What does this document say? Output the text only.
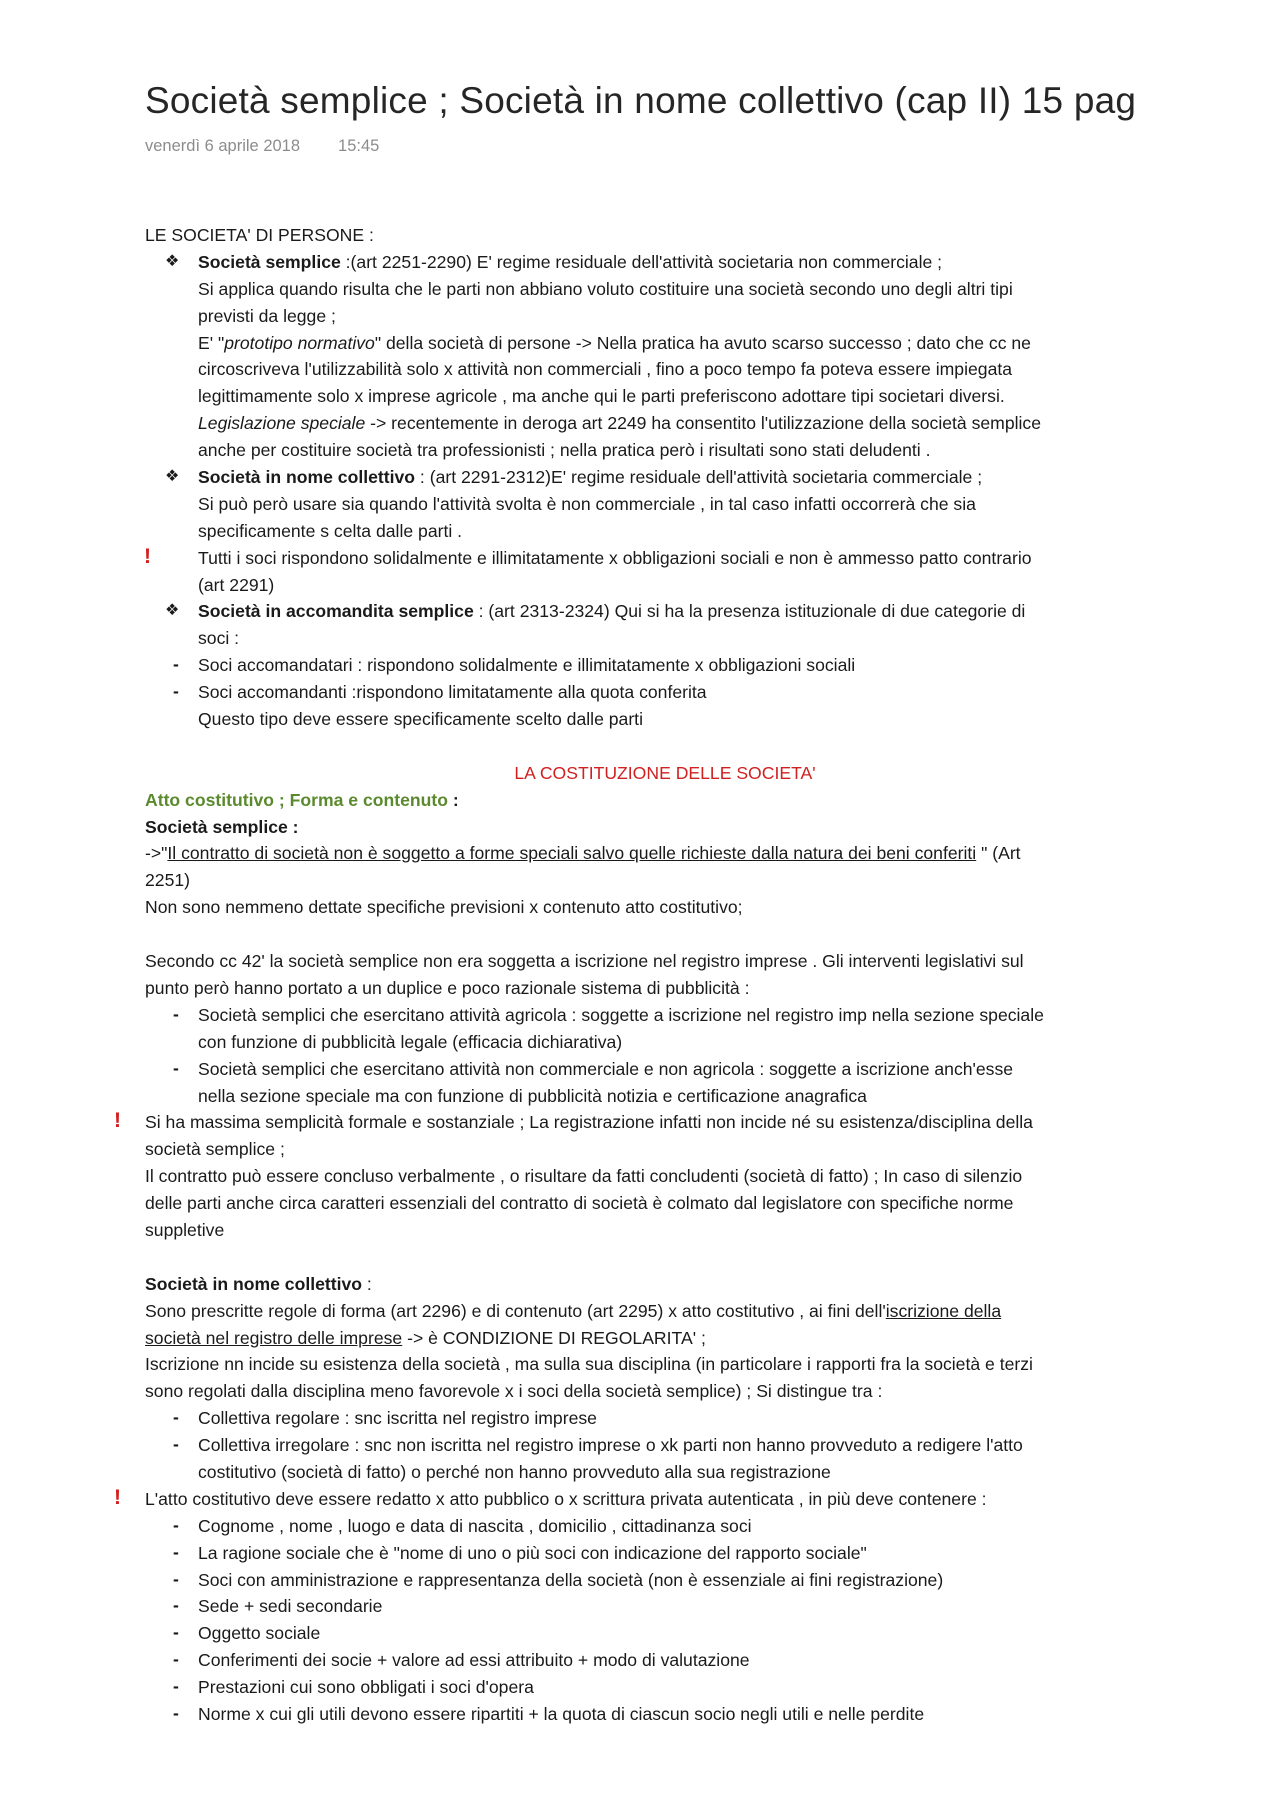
Società semplice ; Società in nome collettivo (cap II) 15 pag
venerdì 6 aprile 2018 15:45
LE SOCIETA' DI PERSONE :
❖ Società semplice :(art 2251-2290) E' regime residuale dell'attività societaria non commerciale ;
Si applica quando risulta che le parti non abbiano voluto costituire una società secondo uno degli altri tipi
previsti da legge ;
E' "prototipo normativo" della società di persone -> Nella pratica ha avuto scarso successo ; dato che cc ne
circoscriveva l'utilizzabilità solo x attività non commerciali , fino a poco tempo fa poteva essere impiegata
legittimamente solo x imprese agricole , ma anche qui le parti preferiscono adottare tipi societari diversi.
Legislazione speciale -> recentemente in deroga art 2249 ha consentito l'utilizzazione della società semplice
anche per costituire società tra professionisti ; nella pratica però i risultati sono stati deludenti .
❖ Società in nome collettivo : (art 2291-2312)E' regime residuale dell'attività societaria commerciale ;
Si può però usare sia quando l'attività svolta è non commerciale , in tal caso infatti occorrerà che sia
specificamente s celta dalle parti .
!	Tutti i soci rispondono solidalmente e illimitatamente x obbligazioni sociali e non è ammesso patto contrario
(art 2291)
❖ Società in accomandita semplice : (art 2313-2324) Qui si ha la presenza istituzionale di due categorie di
soci :
- Soci accomandatari : rispondono solidalmente e illimitatamente x obbligazioni sociali
- Soci accomandanti :rispondono limitatamente alla quota conferita
Questo tipo deve essere specificamente scelto dalle parti
LA COSTITUZIONE DELLE SOCIETA'
Atto costitutivo ; Forma e contenuto :
Società semplice :
->"Il contratto di società non è soggetto a forme speciali salvo quelle richieste dalla natura dei beni conferiti " (Art
2251)
Non sono nemmeno dettate specifiche previsioni x contenuto atto costitutivo;
Secondo cc 42' la società semplice non era soggetta a iscrizione nel registro imprese . Gli interventi legislativi sul
punto però hanno portato a un duplice e poco razionale sistema di pubblicità :
- Società semplici che esercitano attività agricola : soggette a iscrizione nel registro imp nella sezione speciale
con funzione di pubblicità legale (efficacia dichiarativa)
- Società semplici che esercitano attività non commerciale e non agricola : soggette a iscrizione anch'esse
nella sezione speciale ma con funzione di pubblicità notizia e certificazione anagrafica
! Si ha massima semplicità formale e sostanziale ; La registrazione infatti non incide né su esistenza/disciplina della
società semplice ;
Il contratto può essere concluso verbalmente , o risultare da fatti concludenti (società di fatto) ; In caso di silenzio
delle parti anche circa caratteri essenziali del contratto di società è colmato dal legislatore con specifiche norme
suppletive
Società in nome collettivo :
Sono prescritte regole di forma (art 2296) e di contenuto (art 2295) x atto costitutivo , ai fini dell'iscrizione della
società nel registro delle imprese -> è CONDIZIONE DI REGOLARITA' ;
Iscrizione nn incide su esistenza della società , ma sulla sua disciplina (in particolare i rapporti fra la società e terzi
sono regolati dalla disciplina meno favorevole x i soci della società semplice) ; Si distingue tra :
- Collettiva regolare : snc iscritta nel registro imprese
- Collettiva irregolare : snc non iscritta nel registro imprese o xk parti non hanno provveduto a redigere l'atto
costitutivo (società di fatto) o perché non hanno provveduto alla sua registrazione
! L'atto costitutivo deve essere redatto x atto pubblico o x scrittura privata autenticata , in più deve contenere :
- Cognome , nome , luogo e data di nascita , domicilio , cittadinanza soci
- La ragione sociale che è "nome di uno o più soci con indicazione del rapporto sociale"
- Soci con amministrazione e rappresentanza della società (non è essenziale ai fini registrazione)
- Sede + sedi secondarie
- Oggetto sociale
- Conferimenti dei socie + valore ad essi attribuito + modo di valutazione
- Prestazioni cui sono obbligati i soci d'opera
- Norme x cui gli utili devono essere ripartiti + la quota di ciascun socio negli utili e nelle perdite
